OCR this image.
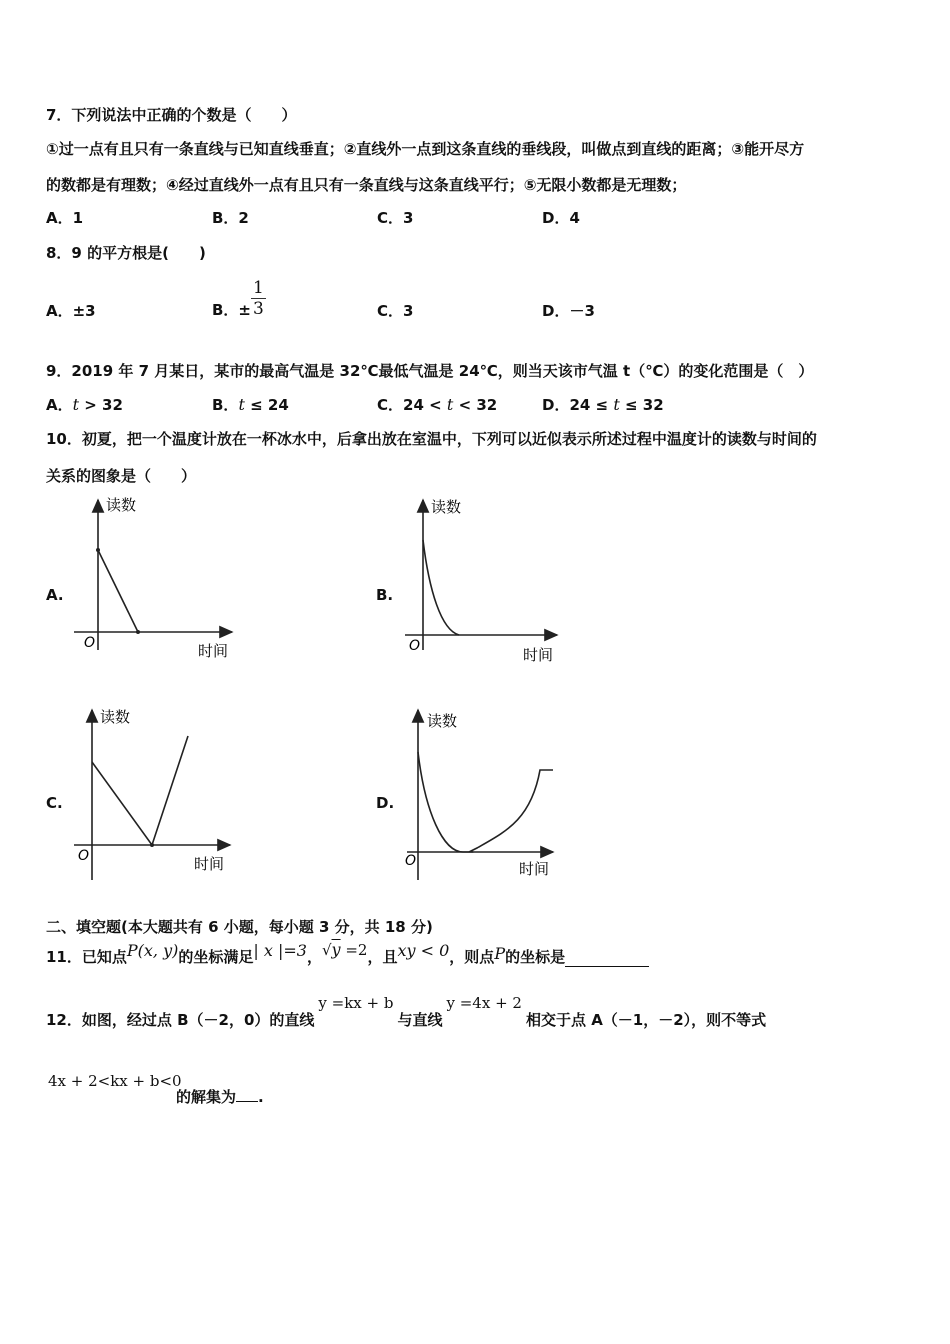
7．下列说法中正确的个数是（　　）
①过一点有且只有一条直线与已知直线垂直；②直线外一点到这条直线的垂线段，叫做点到直线的距离；③能开尽方
的数都是有理数；④经过直线外一点有且只有一条直线与这条直线平行；⑤无限小数都是无理数；
A．1	B．2	C．3	D．4
8．9 的平方根是(　　)
A．±3	B．± $\frac{1}{3}$	C．3	D．－3
9．2019 年 7 月某日，某市的最高气温是 32℃最低气温是 24℃，则当天该市气温 t（℃）的变化范围是（　）
A．t > 32	B．t ≤ 24	C．24 < t < 32	D．24 ≤ t ≤ 32
10．初夏，把一个温度计放在一杯冰水中，后拿出放在室温中，下列可以近似表示所述过程中温度计的读数与时间的
关系的图象是（　　）
A.
读数
时间
O
B.
读数
时间
O
C.
读数
时间
O
D.
读数
时间
O
二、填空题(本大题共有 6 小题，每小题 3 分，共 18 分)
11．已知点 P(x, y) 的坐标满足 | x |=3 ， √y =2 ，且 xy < 0 ，则点 P 的坐标是
12．如图，经过点 B（－2，0）的直线
y =kx + b
与直线
y =4x + 2
相交于点 A（－1，－2），则不等式
4x + 2<kx + b<0
的解集为 .
